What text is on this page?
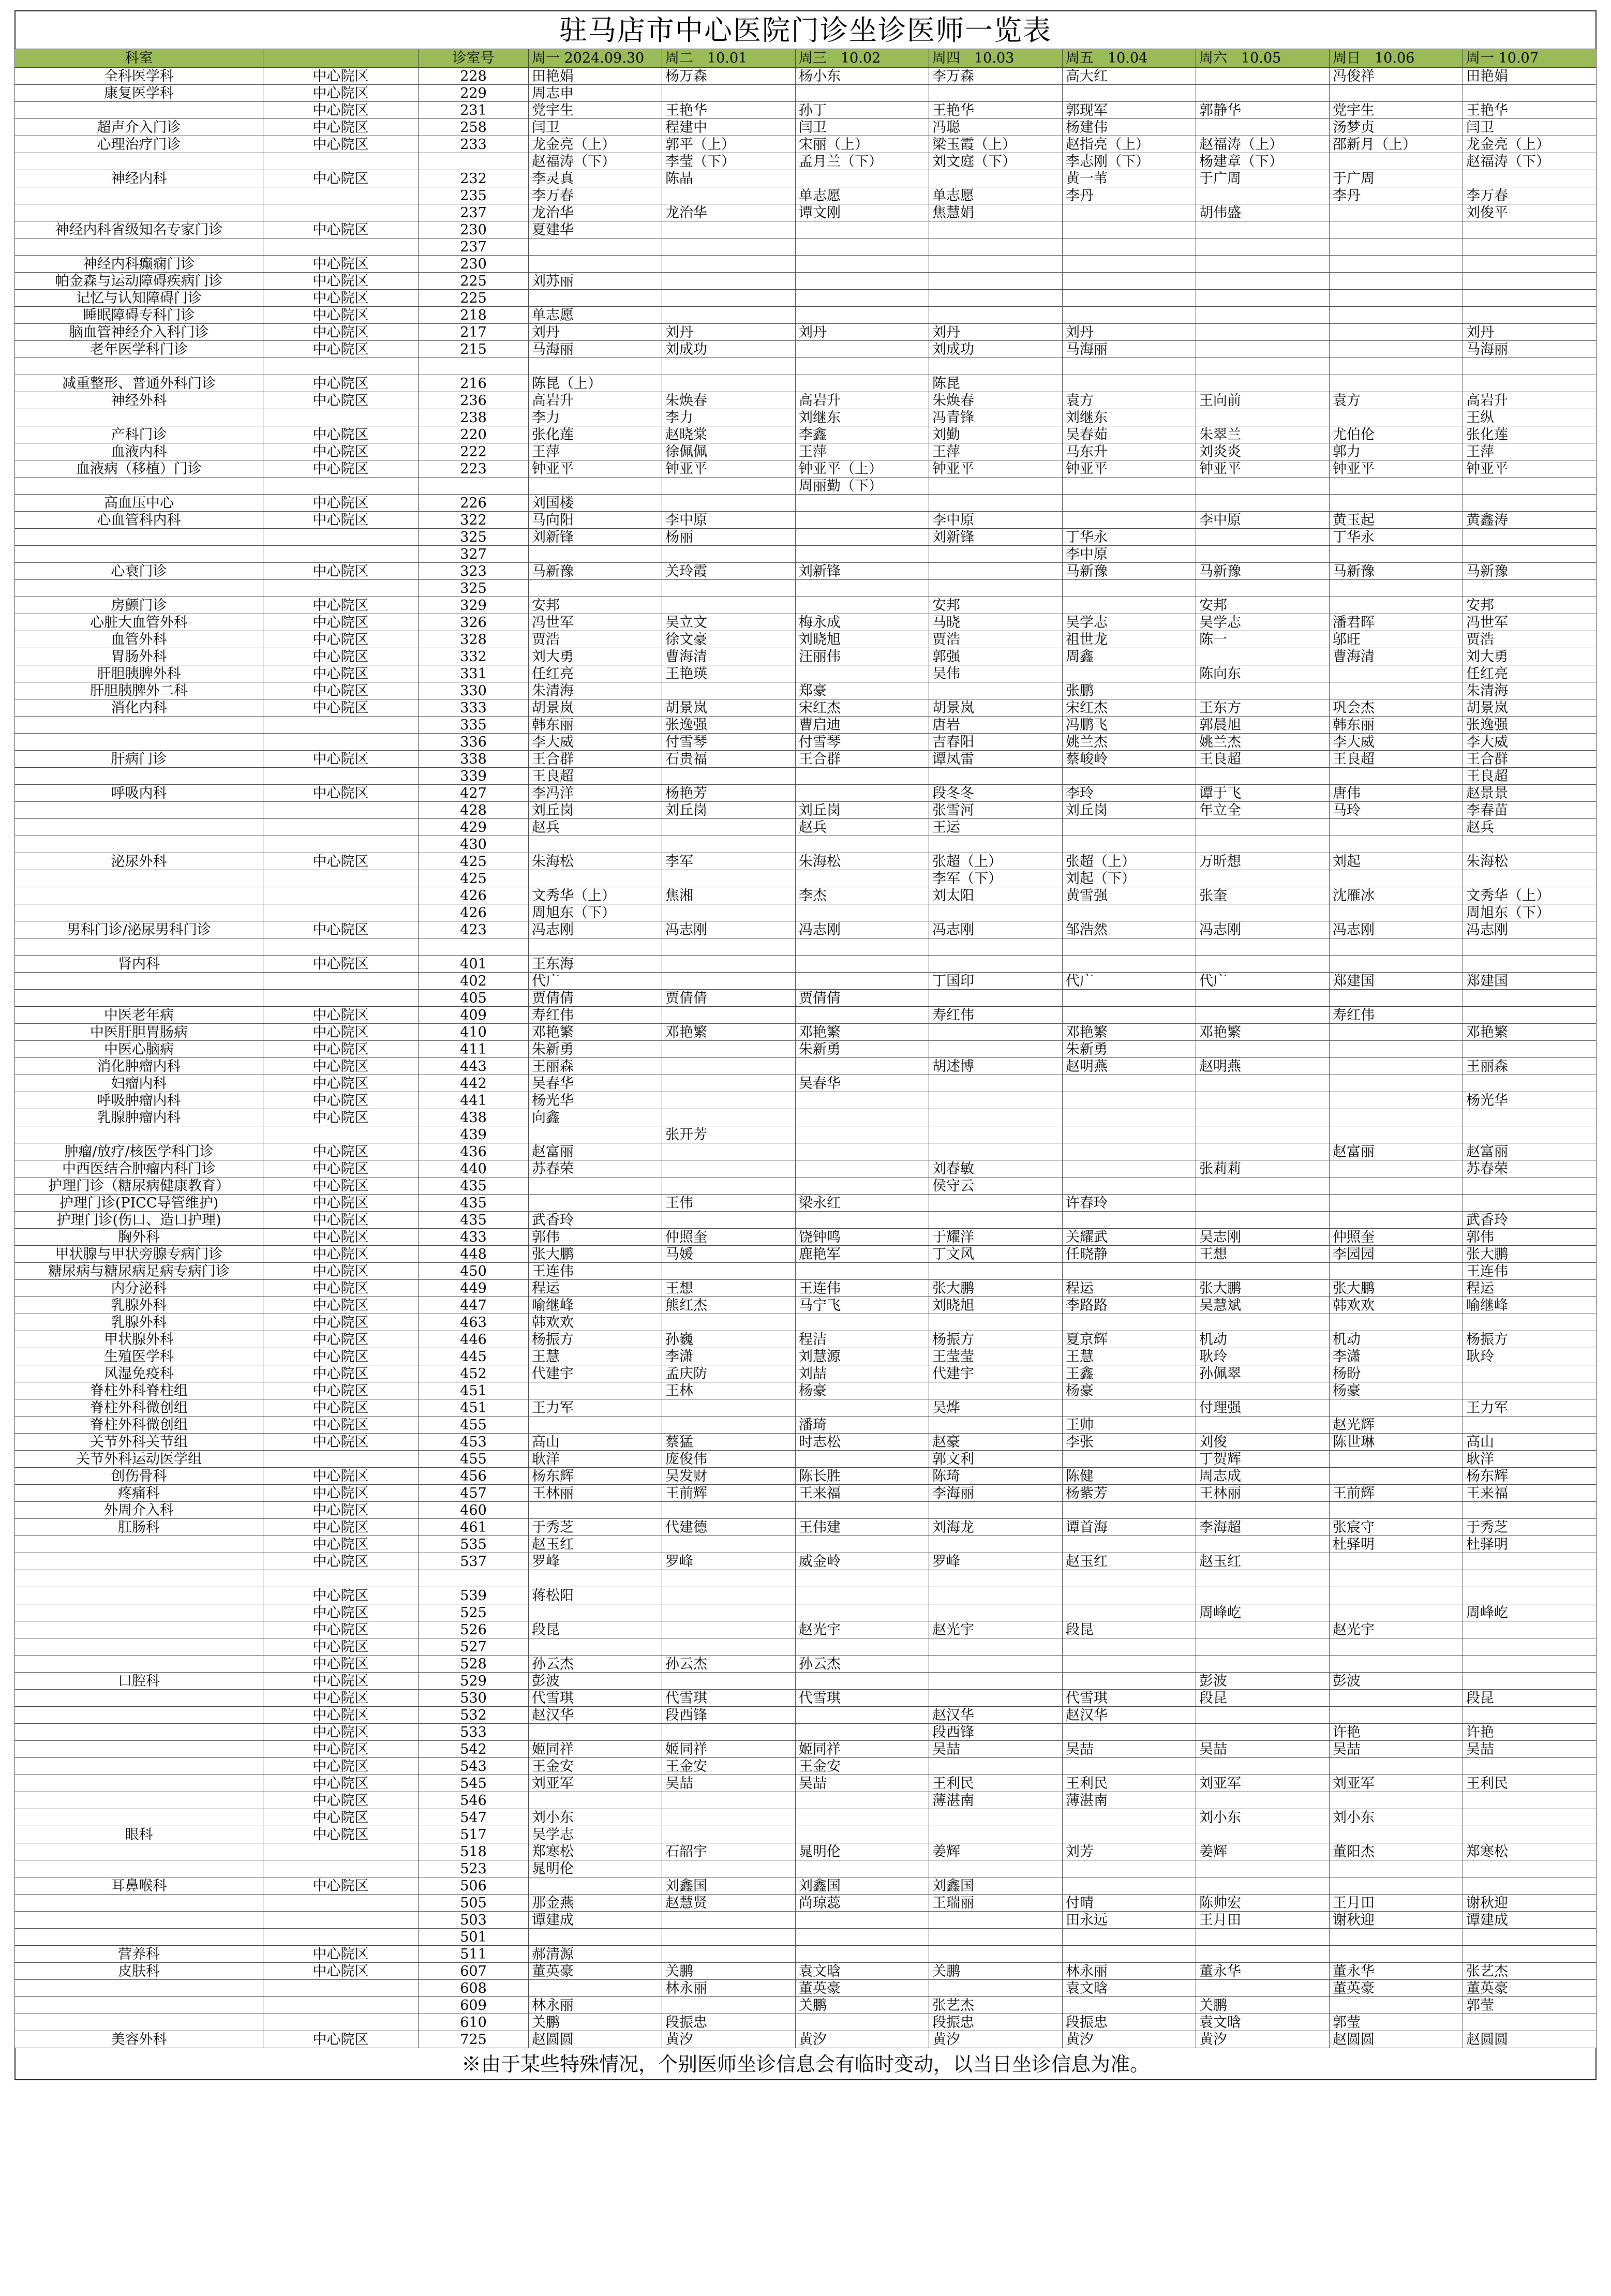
驻马店市中心医院门诊坐诊医师一览表
科室		诊室号	周一 2024.09.30	周二　10.01	周三　10.02	周四　10.03	周五　10.04	周六　10.05	周日　10.06	周一 10.07
全科医学科	中心院区	228	田艳娟	杨万森	杨小东	李万森	高大红		冯俊祥	田艳娟
康复医学科	中心院区	229	周志申							
	中心院区	231	党宇生	王艳华	孙丁	王艳华	郭现军	郭静华	党宇生	王艳华
超声介入门诊	中心院区	258	闫卫	程建中	闫卫	冯聪	杨建伟		汤梦贞	闫卫
心理治疗门诊	中心院区	233	龙金亮（上）	郭平（上）	宋丽（上）	梁玉霞（上）	赵指亮（上）	赵福涛（上）	邵新月（上）	龙金亮（上）
			赵福涛（下）	李莹（下）	孟月兰（下）	刘文庭（下）	李志刚（下）	杨建章（下）		赵福涛（下）
神经内科	中心院区	232	李灵真	陈晶			黄一苇	于广周	于广周	
		235	李万春		单志愿	单志愿	李丹		李丹	李万春
		237	龙治华	龙治华	谭文刚	焦慧娟		胡伟盛		刘俊平
神经内科省级知名专家门诊	中心院区	230	夏建华							
		237								
神经内科癫痫门诊	中心院区	230								
帕金森与运动障碍疾病门诊	中心院区	225	刘苏丽							
记忆与认知障碍门诊	中心院区	225								
睡眠障碍专科门诊	中心院区	218	单志愿							
脑血管神经介入科门诊	中心院区	217	刘丹	刘丹	刘丹	刘丹	刘丹			刘丹
老年医学科门诊	中心院区	215	马海丽	刘成功		刘成功	马海丽			马海丽

减重整形、普通外科门诊	中心院区	216	陈昆（上）			陈昆				
神经外科	中心院区	236	高岩升	朱焕春	高岩升	朱焕春	袁方	王向前	袁方	高岩升
		238	李力	李力	刘继东	冯青锋	刘继东			王纵
产科门诊	中心院区	220	张化莲	赵晓棠	李鑫	刘勤	吴春茹	朱翠兰	尤伯伦	张化莲
血液内科	中心院区	222	王萍	徐佩佩	王萍	王萍	马东升	刘炎炎	郭力	王萍
血液病（移植）门诊	中心院区	223	钟亚平	钟亚平	钟亚平（上）	钟亚平	钟亚平	钟亚平	钟亚平	钟亚平
					周丽勤（下）					
高血压中心	中心院区	226	刘国楼							
心血管科内科	中心院区	322	马向阳	李中原		李中原		李中原	黄玉起	黄鑫涛
		325	刘新锋	杨丽		刘新锋	丁华永		丁华永	
		327					李中原			
心衰门诊	中心院区	323	马新豫	关玲霞	刘新锋		马新豫	马新豫	马新豫	马新豫
		325								
房颤门诊	中心院区	329	安邦			安邦		安邦		安邦
心脏大血管外科	中心院区	326	冯世军	吴立文	梅永成	马晓	吴学志	吴学志	潘君晖	冯世军
血管外科	中心院区	328	贾浩	徐文豪	刘晓旭	贾浩	祖世龙	陈一	邬旺	贾浩
胃肠外科	中心院区	332	刘大勇	曹海清	汪丽伟	郭强	周鑫		曹海清	刘大勇
肝胆胰脾外科	中心院区	331	任红亮	王艳瑛		吴伟		陈向东		任红亮
肝胆胰脾外二科	中心院区	330	朱清海		郑豪		张鹏			朱清海
消化内科	中心院区	333	胡景岚	胡景岚	宋红杰	胡景岚	宋红杰	王东方	巩会杰	胡景岚
		335	韩东丽	张逸强	曹启迪	唐岩	冯鹏飞	郭晨旭	韩东丽	张逸强
		336	李大威	付雪琴	付雪琴	吉春阳	姚兰杰	姚兰杰	李大威	李大威
肝病门诊	中心院区	338	王合群	石贵福	王合群	谭凤雷	蔡峻岭	王良超	王良超	王合群
		339	王良超							王良超
呼吸内科	中心院区	427	李冯洋	杨艳芳		段冬冬	李玲	谭于飞	唐伟	赵景景
		428	刘丘岗	刘丘岗	刘丘岗	张雪河	刘丘岗	年立全	马玲	李春苗
		429	赵兵		赵兵	王运				赵兵
		430								
泌尿外科	中心院区	425	朱海松	李军	朱海松	张超（上）	张超（上）	万昕想	刘起	朱海松
		425				李军（下）	刘起（下）			
		426	文秀华（上）	焦湘	李杰	刘太阳	黄雪强	张奎	沈雁冰	文秀华（上）
		426	周旭东（下）							周旭东（下）
男科门诊/泌尿男科门诊	中心院区	423	冯志刚	冯志刚	冯志刚	冯志刚	邹浩然	冯志刚	冯志刚	冯志刚

肾内科	中心院区	401	王东海							
		402	代广			丁国印	代广	代广	郑建国	郑建国
		405	贾倩倩	贾倩倩	贾倩倩					
中医老年病	中心院区	409	寿红伟			寿红伟			寿红伟	
中医肝胆胃肠病	中心院区	410	邓艳繁	邓艳繁	邓艳繁		邓艳繁	邓艳繁		邓艳繁
中医心脑病	中心院区	411	朱新勇		朱新勇		朱新勇			
消化肿瘤内科	中心院区	443	王丽森			胡述博	赵明燕	赵明燕		王丽森
妇瘤内科	中心院区	442	吴春华		吴春华					
呼吸肿瘤内科	中心院区	441	杨光华							杨光华
乳腺肿瘤内科	中心院区	438	向鑫							
		439		张开芳						
肿瘤/放疗/核医学科门诊	中心院区	436	赵富丽						赵富丽	赵富丽
中西医结合肿瘤内科门诊	中心院区	440	苏春荣			刘春敏		张莉莉		苏春荣
护理门诊（糖尿病健康教育）	中心院区	435				侯守云				
护理门诊(PICC导管维护)	中心院区	435		王伟	梁永红		许春玲			
护理门诊(伤口、造口护理)	中心院区	435	武香玲							武香玲
胸外科	中心院区	433	郭伟	仲照奎	饶钟鸣	于耀洋	关耀武	吴志刚	仲照奎	郭伟
甲状腺与甲状旁腺专病门诊	中心院区	448	张大鹏	马媛	鹿艳军	丁文风	任晓静	王想	李园园	张大鹏
糖尿病与糖尿病足病专病门诊	中心院区	450	王连伟							王连伟
内分泌科	中心院区	449	程运	王想	王连伟	张大鹏	程运	张大鹏	张大鹏	程运
乳腺外科	中心院区	447	喻继峰	熊红杰	马宁飞	刘晓旭	李路路	吴慧斌	韩欢欢	喻继峰
乳腺外科	中心院区	463	韩欢欢							
甲状腺外科	中心院区	446	杨振方	孙巍	程洁	杨振方	夏京辉	机动	机动	杨振方
生殖医学科	中心院区	445	王慧	李潇	刘慧源	王莹莹	王慧	耿玲	李潇	耿玲
风湿免疫科	中心院区	452	代建宇	孟庆防	刘喆	代建宇	王鑫	孙佩翠	杨盼	
脊柱外科脊柱组	中心院区	451		王林	杨豪		杨豪		杨豪	
脊柱外科微创组	中心院区	451	王力军			吴烨		付理强		王力军
脊柱外科微创组	中心院区	455			潘琦		王帅		赵光辉	
关节外科关节组	中心院区	453	高山	蔡猛	时志松	赵豪	李张	刘俊	陈世琳	高山
关节外科运动医学组		455	耿洋	庞俊伟		郭文利		丁贺辉		耿洋
创伤骨科	中心院区	456	杨东辉	吴发财	陈长胜	陈琦	陈健	周志成		杨东辉
疼痛科	中心院区	457	王林丽	王前辉	王来福	李海丽	杨紫芳	王林丽	王前辉	王来福
外周介入科	中心院区	460								
肛肠科	中心院区	461	于秀芝	代建德	王伟建	刘海龙	谭首海	李海超	张宸守	于秀芝
	中心院区	535	赵玉红						杜驿明	杜驿明
	中心院区	537	罗峰	罗峰	威金岭	罗峰	赵玉红	赵玉红		

	中心院区	539	蒋松阳							
	中心院区	525						周峰屹		周峰屹
	中心院区	526	段昆		赵光宇	赵光宇	段昆		赵光宇	
	中心院区	527								
	中心院区	528	孙云杰	孙云杰	孙云杰					
口腔科	中心院区	529	彭波					彭波	彭波	
	中心院区	530	代雪琪	代雪琪	代雪琪		代雪琪	段昆		段昆
	中心院区	532	赵汉华	段西锋		赵汉华	赵汉华			
	中心院区	533				段西锋			许艳	许艳
	中心院区	542	姬同祥	姬同祥	姬同祥	吴喆	吴喆	吴喆	吴喆	吴喆
	中心院区	543	王金安	王金安	王金安					
	中心院区	545	刘亚军	吴喆	吴喆	王利民	王利民	刘亚军	刘亚军	王利民
	中心院区	546				薄湛南	薄湛南			
	中心院区	547	刘小东					刘小东	刘小东	
眼科	中心院区	517	吴学志							
		518	郑寒松	石韶宇	晁明伦	姜辉	刘芳	姜辉	董阳杰	郑寒松
		523	晁明伦							
耳鼻喉科	中心院区	506		刘鑫国	刘鑫国	刘鑫国				
		505	那金燕	赵慧贤	尚琼蕊	王瑞丽	付晴	陈帅宏	王月田	谢秋迎
		503	谭建成				田永远	王月田	谢秋迎	谭建成
		501								
营养科	中心院区	511	郝清源							
皮肤科	中心院区	607	董英豪	关鹏	袁文晗	关鹏	林永丽	董永华	董永华	张艺杰
		608		林永丽	董英豪		袁文晗		董英豪	董英豪
		609	林永丽		关鹏	张艺杰		关鹏		郭莹
		610	关鹏	段振忠		段振忠	段振忠	袁文晗	郭莹	
美容外科	中心院区	725	赵圆圆	黄汐	黄汐	黄汐	黄汐	黄汐	赵圆圆	赵圆圆
※由于某些特殊情况，个别医师坐诊信息会有临时变动，以当日坐诊信息为准。
